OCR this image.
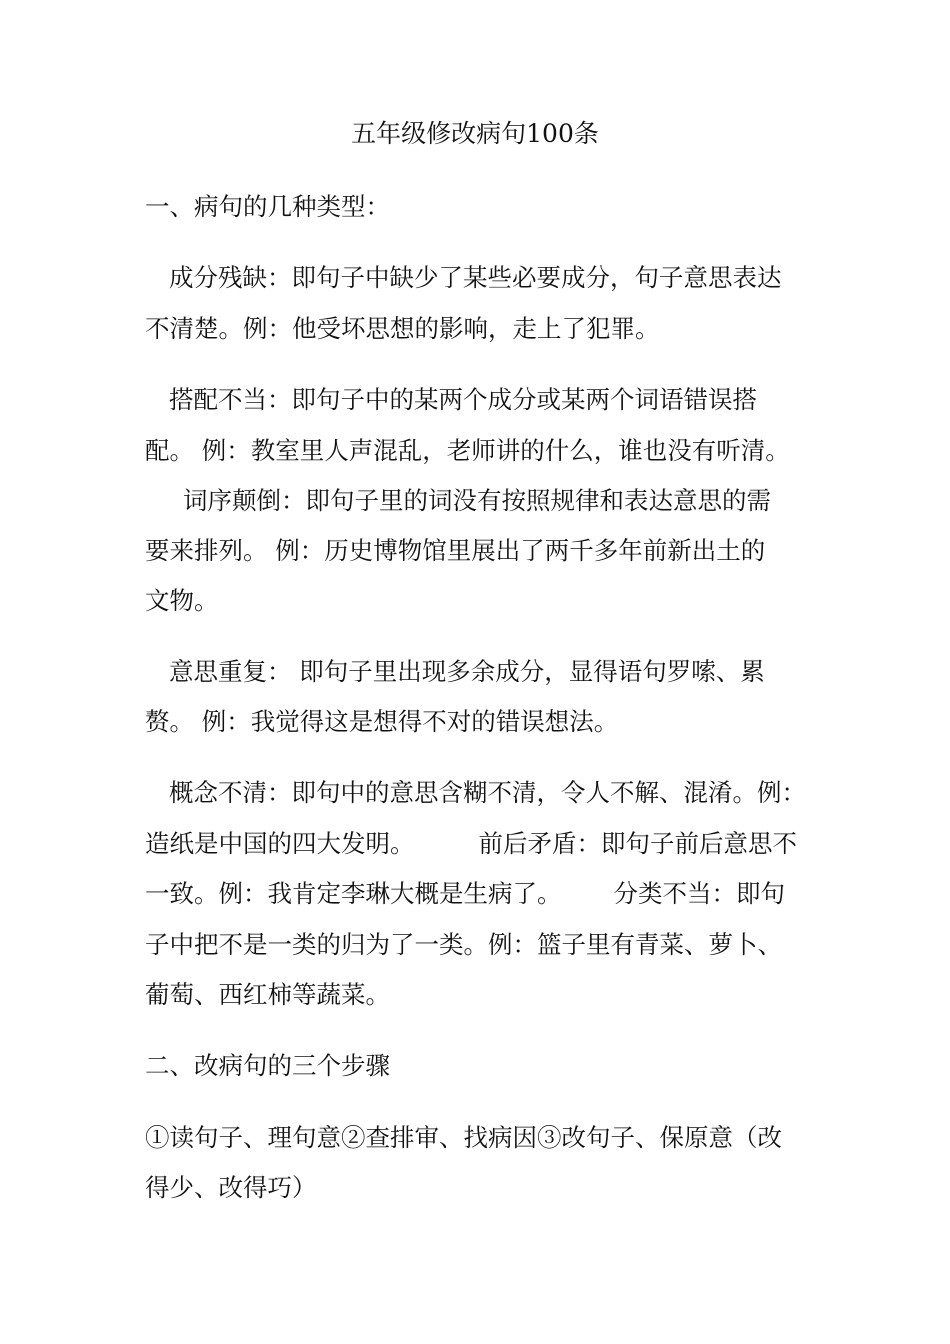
五年级修改病句100条

一、病句的几种类型：

成分残缺：即句子中缺少了某些必要成分，句子意思表达

不清楚。例：他受坏思想的影响，走上了犯罪。

搭配不当：即句子中的某两个成分或某两个词语错误搭

配。 例：教室里人声混乱，老师讲的什么，谁也没有听清。

词序颠倒：即句子里的词没有按照规律和表达意思的需

要来排列。 例：历史博物馆里展出了两千多年前新出土的

文物。

意思重复： 即句子里出现多余成分，显得语句罗嗦、累

赘。 例：我觉得这是想得不对的错误想法。

概念不清：即句中的意思含糊不清，令人不解、混淆。例：

造纸是中国的四大发明。	前后矛盾：即句子前后意思不

一致。例：我肯定李琳大概是生病了。 分类不当：即句

子中把不是一类的归为了一类。例：篮子里有青菜、萝卜、

葡萄、西红柿等蔬菜。

二、改病句的三个步骤

①读句子、理句意②查排审、找病因③改句子、保原意（改

得少、改得巧）
